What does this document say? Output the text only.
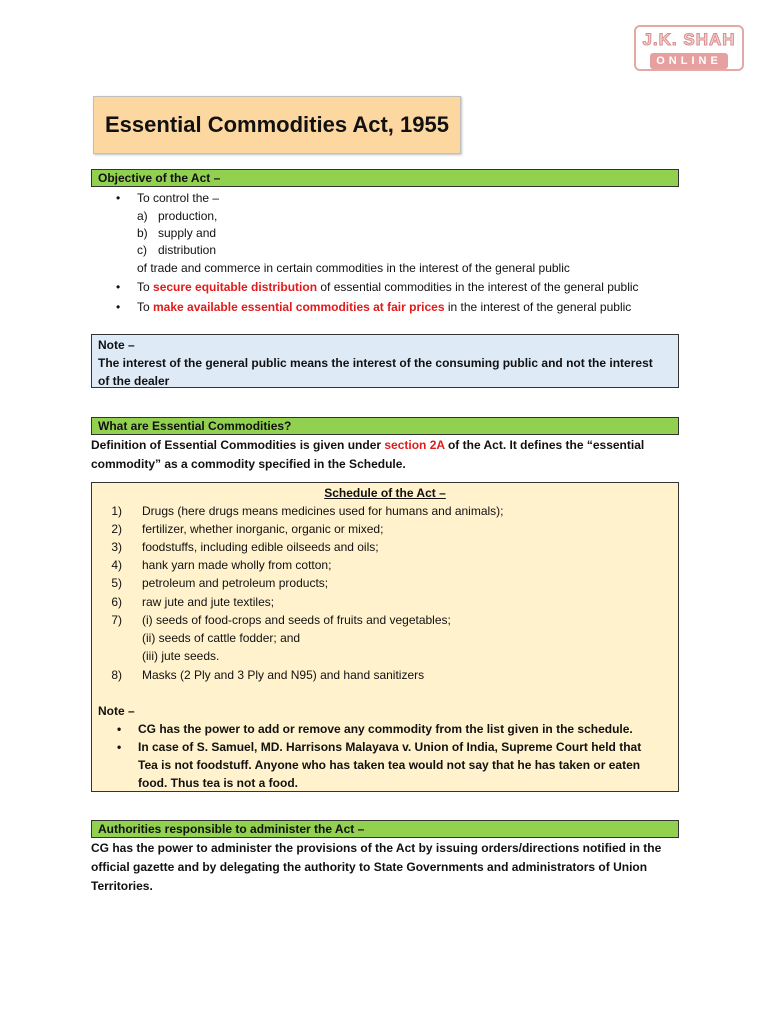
J.K. SHAH
ONLINE
Essential Commodities Act, 1955
Objective of the Act –
• To control the –
a) production,
b) supply and
c) distribution
of trade and commerce in certain commodities in the interest of the general public
• To secure equitable distribution of essential commodities in the interest of the general public
• To make available essential commodities at fair prices in the interest of the general public
Note –
The interest of the general public means the interest of the consuming public and not the interest
of the dealer
What are Essential Commodities?
Definition of Essential Commodities is given under section 2A of the Act. It defines the “essential
commodity” as a commodity specified in the Schedule.
Schedule of the Act –
1) Drugs (here drugs means medicines used for humans and animals);
2) fertilizer, whether inorganic, organic or mixed;
3) foodstuffs, including edible oilseeds and oils;
4) hank yarn made wholly from cotton;
5) petroleum and petroleum products;
6) raw jute and jute textiles;
7) (i) seeds of food-crops and seeds of fruits and vegetables;
(ii) seeds of cattle fodder; and
(iii) jute seeds.
8) Masks (2 Ply and 3 Ply and N95) and hand sanitizers
Note –
• CG has the power to add or remove any commodity from the list given in the schedule.
• In case of S. Samuel, MD. Harrisons Malayava v. Union of India, Supreme Court held that
Tea is not foodstuff. Anyone who has taken tea would not say that he has taken or eaten
food. Thus tea is not a food.
Authorities responsible to administer the Act –
CG has the power to administer the provisions of the Act by issuing orders/directions notified in the
official gazette and by delegating the authority to State Governments and administrators of Union
Territories.
